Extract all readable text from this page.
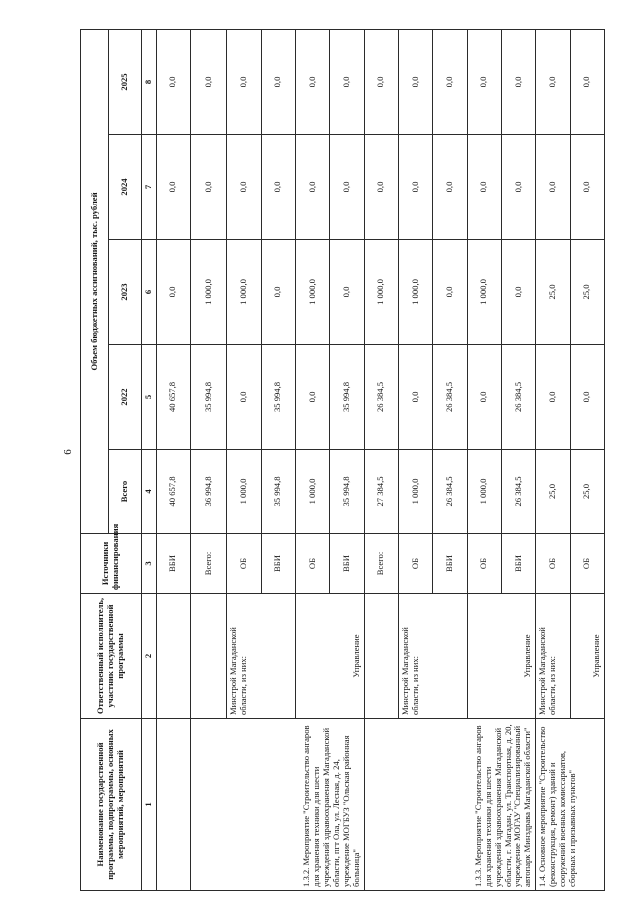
6
Наименование государственной программы, подпрограммы, основных мероприятий, мероприятий	Ответственный исполнитель, участник государственной программы	Источники финансирования	Объем бюджетных ассигнований, тыс. рублей				
			Всего	2022	2023	2024	2025
1	2	3	4	5	6	7	8
		ВБИ	40 657,8	40 657,8	0,0	0,0	0,0
1.3.2. Мероприятие "Строительство ангаров для хранения техники для шести учреждений здравоохранения Магаданской области, пгт Ола, ул. Лесная, д. 24, учреждение МОГБУЗ "Ольская районная больница"		Всего:	36 994,8	35 994,8	1 000,0	0,0	0,0
	Минстрой Магаданской области, из них:	ОБ	1 000,0	0,0	1 000,0	0,0	0,0
		ВБИ	35 994,8	35 994,8	0,0	0,0	0,0
	Управление	ОБ	1 000,0	0,0	1 000,0	0,0	0,0
		ВБИ	35 994,8	35 994,8	0,0	0,0	0,0
1.3.3. Мероприятие "Строительство ангаров для хранения техники для шести учреждений здравоохранения Магаданской области, г. Магадан, ул. Транспортная, д. 20, учреждение МОГАУ "Специализированный автопарк Минздрава Магаданской области"		Всего:	27 384,5	26 384,5	1 000,0	0,0	0,0
	Минстрой Магаданской области, из них:	ОБ	1 000,0	0,0	1 000,0	0,0	0,0
		ВБИ	26 384,5	26 384,5	0,0	0,0	0,0
	Управление	ОБ	1 000,0	0,0	1 000,0	0,0	0,0
		ВБИ	26 384,5	26 384,5	0,0	0,0	0,0
1.4. Основное мероприятие "Строительство (реконструкция, ремонт) зданий и сооружений военных комиссариатов, сборных и призывных пунктов"	Минстрой Магаданской области, из них:	ОБ	25,0	0,0	25,0	0,0	0,0
	Управление	ОБ	25,0	0,0	25,0	0,0	0,0
